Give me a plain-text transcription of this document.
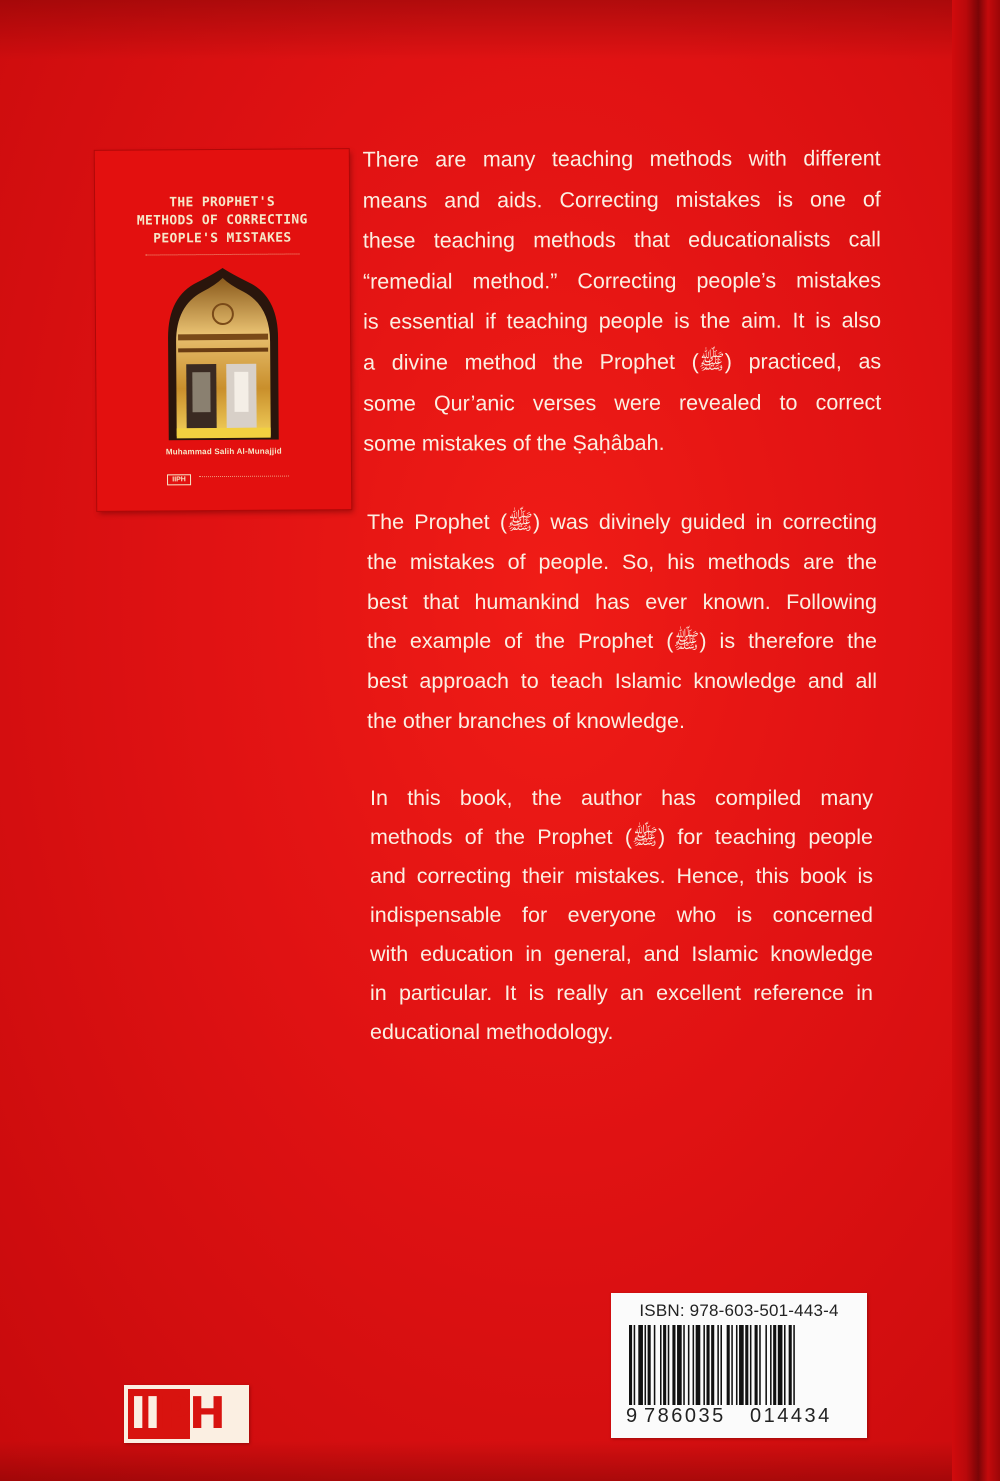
THE PROPHET'S
METHODS OF CORRECTING
PEOPLE'S MISTAKES
Muhammad Salih Al-Munajjid
IIPH
There are many teaching methods with different
means and aids. Correcting mistakes is one of
these teaching methods that educationalists call
“remedial method.” Correcting people’s mistakes
is essential if teaching people is the aim. It is also
a divine method the Prophet (ﷺ) practiced, as
some Qur’anic verses were revealed to correct
some mistakes of the Ṣaḥâbah.
The Prophet (ﷺ) was divinely guided in correcting
the mistakes of people. So, his methods are the
best that humankind has ever known. Following
the example of the Prophet (ﷺ) is therefore the
best approach to teach Islamic knowledge and all
the other branches of knowledge.
In this book, the author has compiled many
methods of the Prophet (ﷺ) for teaching people
and correcting their mistakes. Hence, this book is
indispensable for everyone who is concerned
with education in general, and Islamic knowledge
in particular. It is really an excellent reference in
educational methodology.
ISBN: 978-603-501-443-4
9 786035 014434
IIPH
